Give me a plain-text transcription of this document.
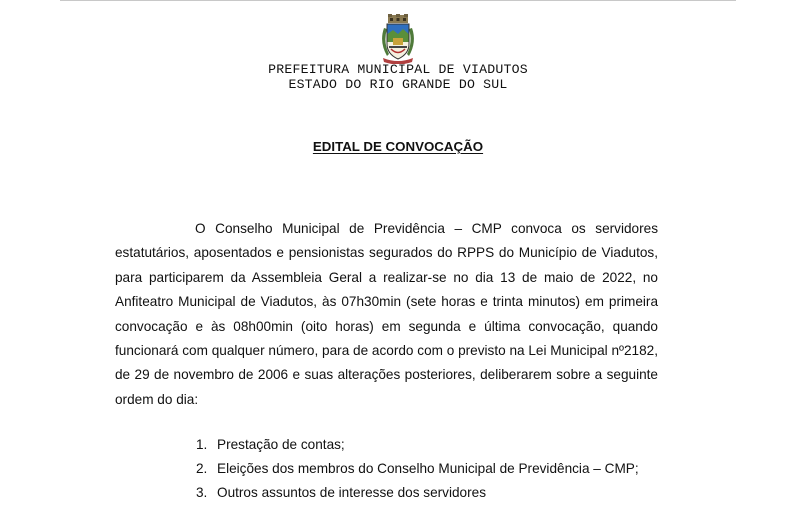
PREFEITURA MUNICIPAL DE VIADUTOS
ESTADO DO RIO GRANDE DO SUL
EDITAL DE CONVOCAÇÃO

O Conselho Municipal de Previdência – CMP convoca os servidores estatutários, aposentados e pensionistas segurados do RPPS do Município de Viadutos, para participarem da Assembleia Geral a realizar-se no dia 13 de maio de 2022, no Anfiteatro Municipal de Viadutos, às 07h30min (sete horas e trinta minutos) em primeira convocação e às 08h00min (oito horas) em segunda e última convocação, quando funcionará com qualquer número, para de acordo com o previsto na Lei Municipal nº2182, de 29 de novembro de 2006 e suas alterações posteriores, deliberarem sobre a seguinte ordem do dia:

1. Prestação de contas;
2. Eleições dos membros do Conselho Municipal de Previdência – CMP;
3. Outros assuntos de interesse dos servidores
